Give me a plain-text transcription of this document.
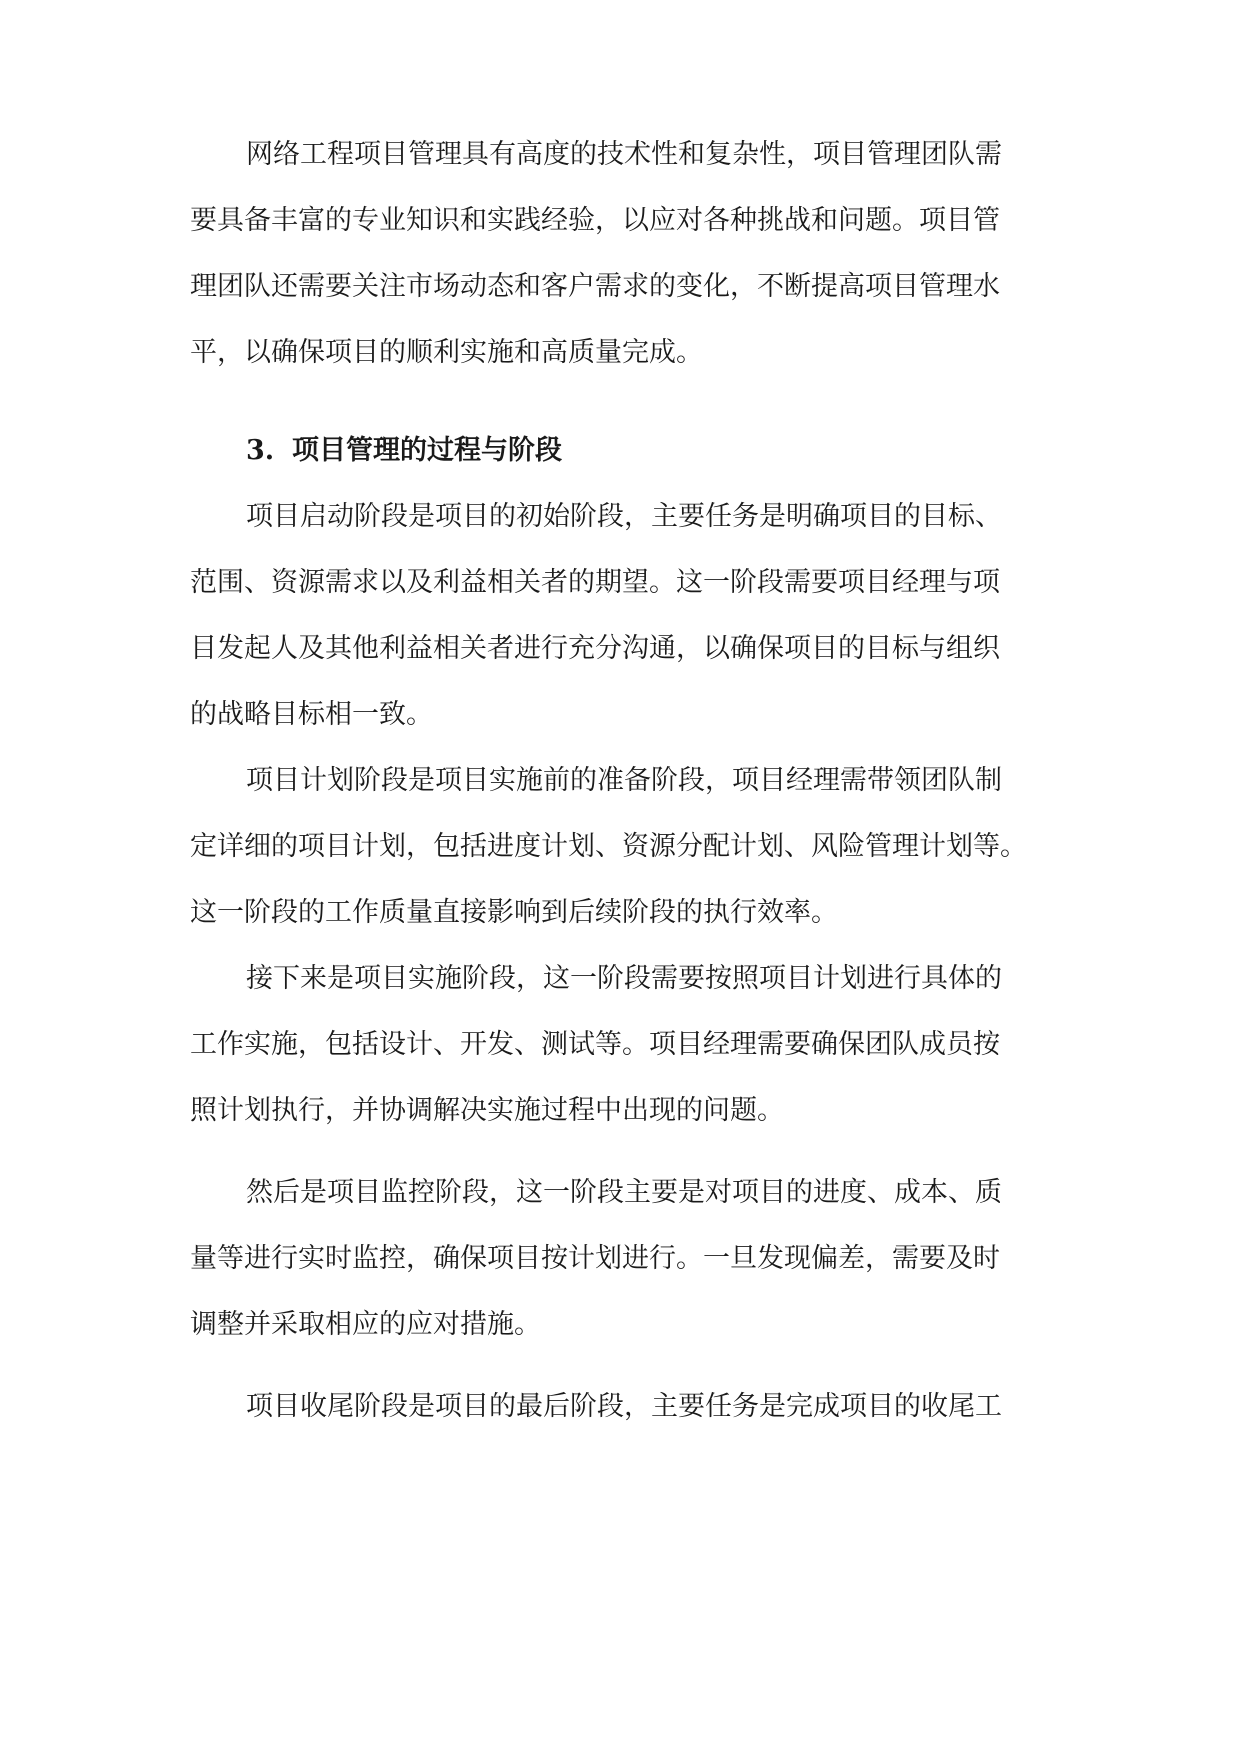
网络工程项目管理具有高度的技术性和复杂性，项目管理团队需
要具备丰富的专业知识和实践经验，以应对各种挑战和问题。项目管
理团队还需要关注市场动态和客户需求的变化，不断提高项目管理水
平，以确保项目的顺利实施和高质量完成。
3. 项目管理的过程与阶段
项目启动阶段是项目的初始阶段，主要任务是明确项目的目标、
范围、资源需求以及利益相关者的期望。这一阶段需要项目经理与项
目发起人及其他利益相关者进行充分沟通，以确保项目的目标与组织
的战略目标相一致。
项目计划阶段是项目实施前的准备阶段，项目经理需带领团队制
定详细的项目计划，包括进度计划、资源分配计划、风险管理计划等。
这一阶段的工作质量直接影响到后续阶段的执行效率。
接下来是项目实施阶段，这一阶段需要按照项目计划进行具体的
工作实施，包括设计、开发、测试等。项目经理需要确保团队成员按
照计划执行，并协调解决实施过程中出现的问题。
然后是项目监控阶段，这一阶段主要是对项目的进度、成本、质
量等进行实时监控，确保项目按计划进行。一旦发现偏差，需要及时
调整并采取相应的应对措施。
项目收尾阶段是项目的最后阶段，主要任务是完成项目的收尾工
